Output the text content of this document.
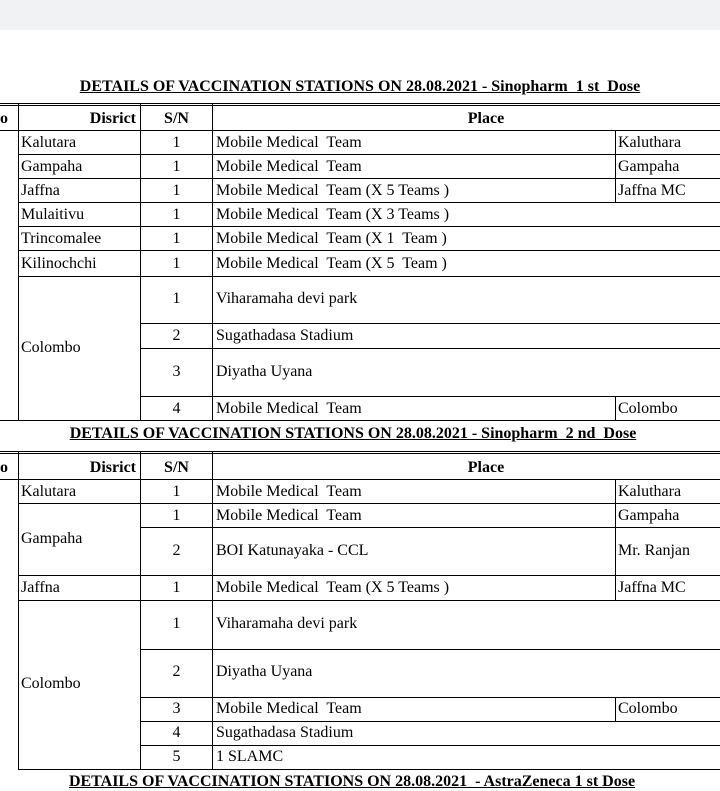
DETAILS OF VACCINATION STATIONS ON 28.08.2021 - Sinopharm  1 st  Dose
o	Disrict	S/N	Place
Kalutara	1	Mobile Medical  Team	Kaluthara
Gampaha	1	Mobile Medical  Team	Gampaha
Jaffna	1	Mobile Medical  Team (X 5 Teams )	Jaffna MC
Mulaitivu	1	Mobile Medical  Team (X 3 Teams )
Trincomalee	1	Mobile Medical  Team (X 1  Team )
Kilinochchi	1	Mobile Medical  Team (X 5  Team )
Colombo
1	Viharamaha devi park
2	Sugathadasa Stadium
3	Diyatha Uyana
4	Mobile Medical  Team	Colombo
DETAILS OF VACCINATION STATIONS ON 28.08.2021 - Sinopharm  2 nd  Dose
o	Disrict	S/N	Place
Kalutara	1	Mobile Medical  Team	Kaluthara
Gampaha
1	Mobile Medical  Team	Gampaha
2	BOI Katunayaka - CCL	Mr. Ranjan
Jaffna	1	Mobile Medical  Team (X 5 Teams )	Jaffna MC
Colombo
1	Viharamaha devi park
2	Diyatha Uyana
3	Mobile Medical  Team	Colombo
4	Sugathadasa Stadium
5	1 SLAMC
DETAILS OF VACCINATION STATIONS ON 28.08.2021  - AstraZeneca 1 st Dose
